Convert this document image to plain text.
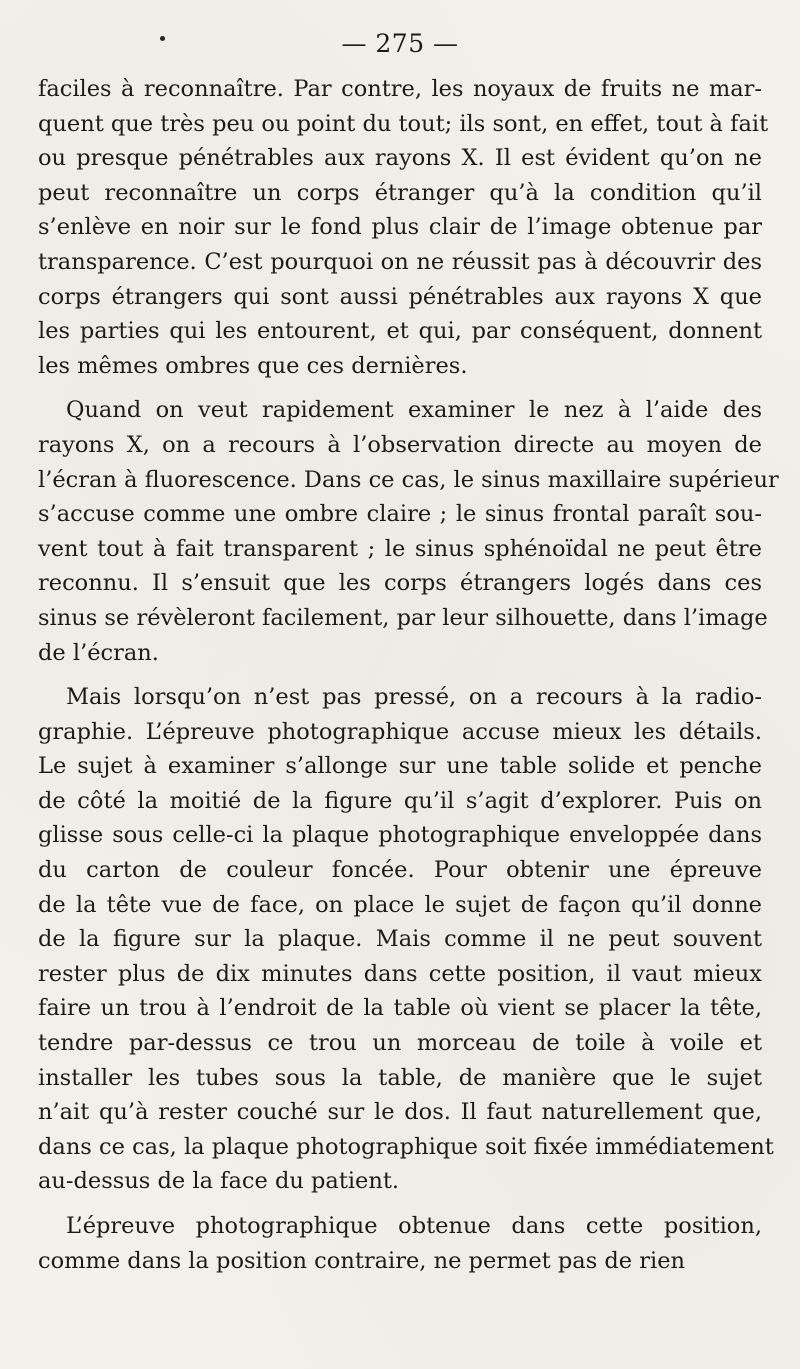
— 275 —
faciles à reconnaître. Par contre, les noyaux de fruits ne mar-
quent que très peu ou point du tout; ils sont, en effet, tout à fait
ou presque pénétrables aux rayons X. Il est évident qu’on ne
peut reconnaître un corps étranger qu’à la condition qu’il
s’enlève en noir sur le fond plus clair de l’image obtenue par
transparence. C’est pourquoi on ne réussit pas à découvrir des
corps étrangers qui sont aussi pénétrables aux rayons X que
les parties qui les entourent, et qui, par conséquent, donnent
les mêmes ombres que ces dernières.
Quand on veut rapidement examiner le nez à l’aide des
rayons X, on a recours à l’observation directe au moyen de
l’écran à fluorescence. Dans ce cas, le sinus maxillaire supérieur
s’accuse comme une ombre claire ; le sinus frontal paraît sou-
vent tout à fait transparent ; le sinus sphénoïdal ne peut être
reconnu. Il s’ensuit que les corps étrangers logés dans ces
sinus se révèleront facilement, par leur silhouette, dans l’image
de l’écran.
Mais lorsqu’on n’est pas pressé, on a recours à la radio-
graphie. L’épreuve photographique accuse mieux les détails.
Le sujet à examiner s’allonge sur une table solide et penche
de côté la moitié de la figure qu’il s’agit d’explorer. Puis on
glisse sous celle-ci la plaque photographique enveloppée dans
du carton de couleur foncée. Pour obtenir une épreuve
de la tête vue de face, on place le sujet de façon qu’il donne
de la figure sur la plaque. Mais comme il ne peut souvent
rester plus de dix minutes dans cette position, il vaut mieux
faire un trou à l’endroit de la table où vient se placer la tête,
tendre par-dessus ce trou un morceau de toile à voile et
installer les tubes sous la table, de manière que le sujet
n’ait qu’à rester couché sur le dos. Il faut naturellement que,
dans ce cas, la plaque photographique soit fixée immédiatement
au-dessus de la face du patient.
L’épreuve photographique obtenue dans cette position,
comme dans la position contraire, ne permet pas de rien
